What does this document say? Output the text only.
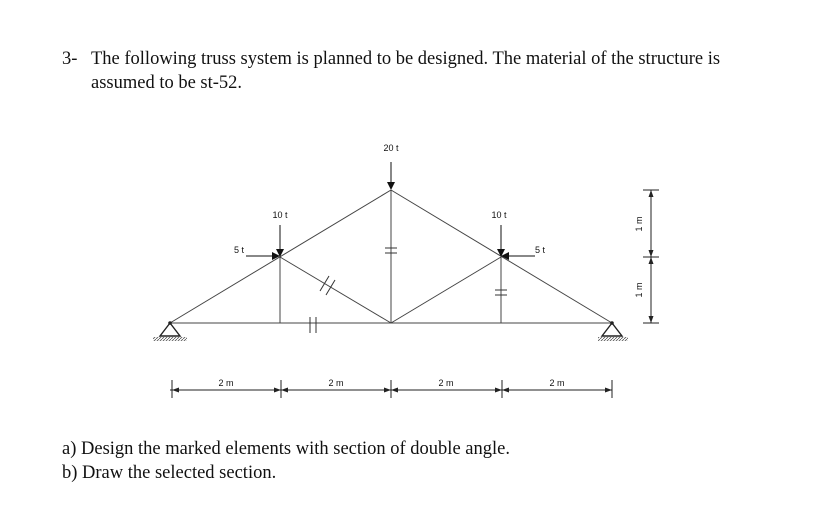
3- The following truss system is planned to be designed. The material of the structure is
assumed to be st-52.
20 t
10 t	10 t
5 t	5 t
2 m	2 m	2 m	2 m
1 m
1 m
a) Design the marked elements with section of double angle.
b) Draw the selected section.
